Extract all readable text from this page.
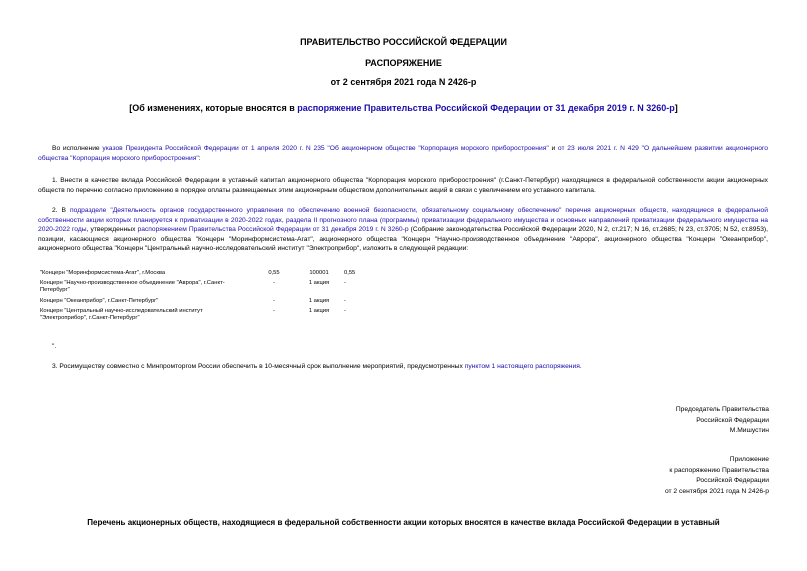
ПРАВИТЕЛЬСТВО РОССИЙСКОЙ ФЕДЕРАЦИИ
РАСПОРЯЖЕНИЕ
от 2 сентября 2021 года N 2426-р
[Об изменениях, которые вносятся в распоряжение Правительства Российской Федерации от 31 декабря 2019 г. N 3260-р]
Во исполнение указов Президента Российской Федерации от 1 апреля 2020 г. N 235 "Об акционерном обществе "Корпорация морского приборостроения" и от 23 июля 2021 г. N 429 "О дальнейшем развитии акционерного общества "Корпорация морского приборостроения":
1. Внести в качестве вклада Российской Федерации в уставный капитал акционерного общества "Корпорация морского приборостроения" (г.Санкт-Петербург) находящиеся в федеральной собственности акции акционерных обществ по перечню согласно приложению в порядке оплаты размещаемых этим акционерным обществом дополнительных акций в связи с увеличением его уставного капитала.
2. В подразделе "Деятельность органов государственного управления по обеспечению военной безопасности, обязательному социальному обеспечению" перечня акционерных обществ, находящиеся в федеральной собственности акции которых планируется к приватизации в 2020-2022 годах, раздела II прогнозного плана (программы) приватизации федерального имущества и основных направлений приватизации федерального имущества на 2020-2022 годы, утвержденных распоряжением Правительства Российской Федерации от 31 декабря 2019 г. N 3260-р (Собрание законодательства Российской Федерации 2020, N 2, ст.217; N 16, ст.2685; N 23, ст.3705; N 52, ст.8953), позиции, касающиеся акционерного общества "Концерн "Моринформсистема-Агат", акционерного общества "Концерн "Научно-производственное объединение "Аврора", акционерного общества "Концерн "Океанприбор", акционерного общества "Концерн "Центральный научно-исследовательский институт "Электроприбор", изложить в следующей редакции:
"Концерн "Моринформсистема-Агат", г.Москва	0,55	100001	0,55
Концерн "Научно-производственное объединение "Аврора", г.Санкт-Петербург"	-	1 акция	-
Концерн "Океанприбор", г.Санкт-Петербург"	-	1 акция	-
Концерн "Центральный научно-исследовательский институт "Электроприбор", г.Санкт-Петербург"	-	1 акция	-
".
3. Росимуществу совместно с Минпромторгом России обеспечить в 10-месячный срок выполнение мероприятий, предусмотренных пунктом 1 настоящего распоряжения.
Председатель Правительства
Российской Федерации
М.Мишустин
Приложение
к распоряжению Правительства
Российской Федерации
от 2 сентября 2021 года N 2426-р
Перечень акционерных обществ, находящиеся в федеральной собственности акции которых вносятся в качестве вклада Российской Федерации в уставный
